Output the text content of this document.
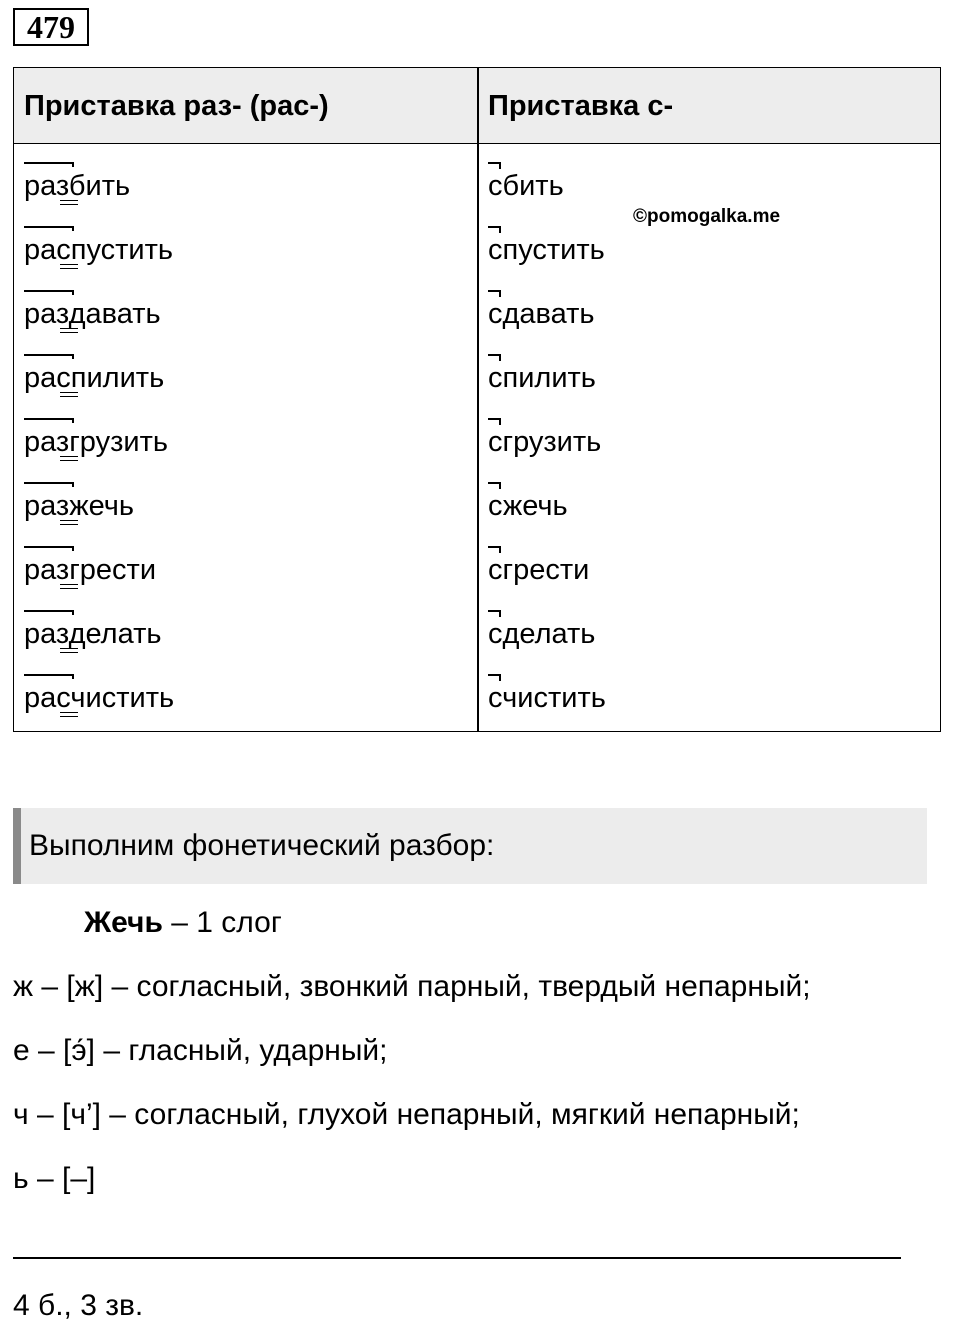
479
Приставка раз- (рас-)	Приставка с-
разбить
распустить
раздавать
распилить
разгрузить
разжечь
разгрести
разделать
расчистить
сбить
спустить
сдавать
спилить
сгрузить
сжечь
сгрести
сделать
счистить
©pomogalka.me
Выполним фонетический разбор:
Жечь – 1 слог
ж – [ж] – согласный, звонкий парный, твердый непарный;
е – [э́] – гласный, ударный;
ч – [ч’] – согласный, глухой непарный, мягкий непарный;
ь – [–]
4 б., 3 зв.
